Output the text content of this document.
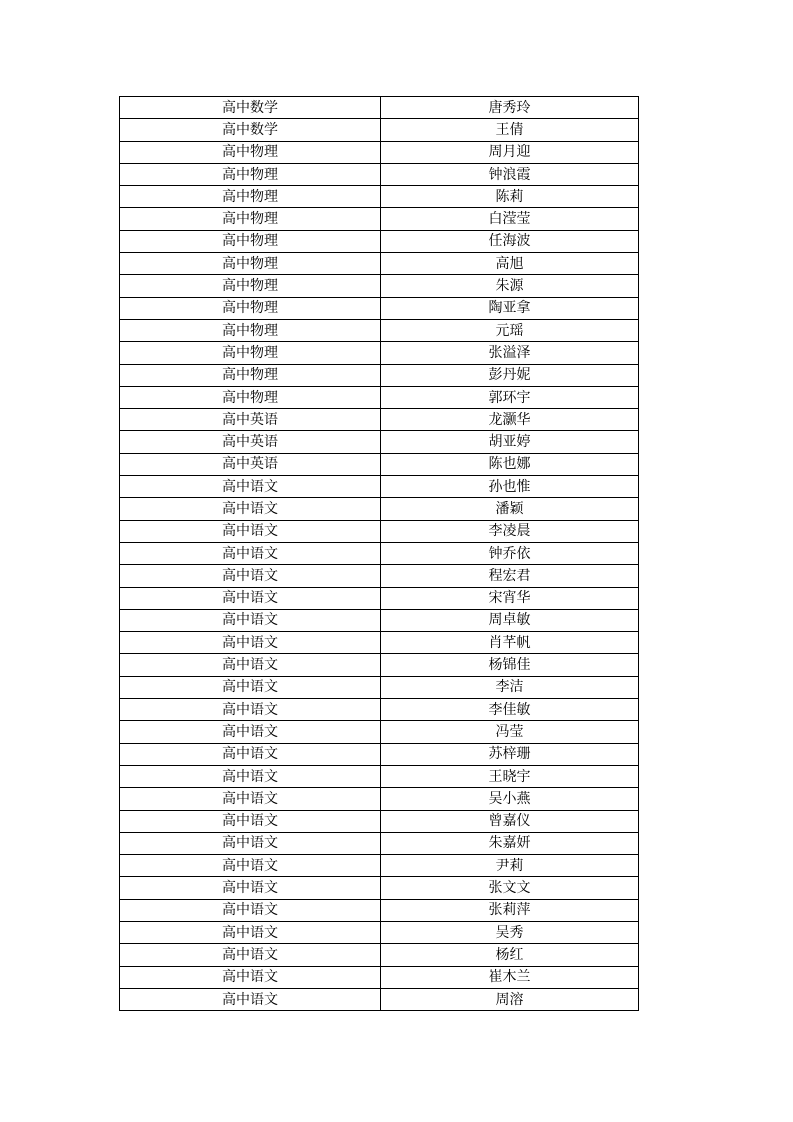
高中数学	唐秀玲
高中数学	王倩
高中物理	周月迎
高中物理	钟浪霞
高中物理	陈莉
高中物理	白滢莹
高中物理	任海波
高中物理	高旭
高中物理	朱源
高中物理	陶亚拿
高中物理	元瑶
高中物理	张溢泽
高中物理	彭丹妮
高中物理	郭环宇
高中英语	龙灏华
高中英语	胡亚婷
高中英语	陈也娜
高中语文	孙也惟
高中语文	潘颖
高中语文	李凌晨
高中语文	钟乔依
高中语文	程宏君
高中语文	宋宵华
高中语文	周卓敏
高中语文	肖芊帆
高中语文	杨锦佳
高中语文	李洁
高中语文	李佳敏
高中语文	冯莹
高中语文	苏梓珊
高中语文	王晓宇
高中语文	吴小燕
高中语文	曾嘉仪
高中语文	朱嘉妍
高中语文	尹莉
高中语文	张文文
高中语文	张莉萍
高中语文	吴秀
高中语文	杨红
高中语文	崔木兰
高中语文	周溶
